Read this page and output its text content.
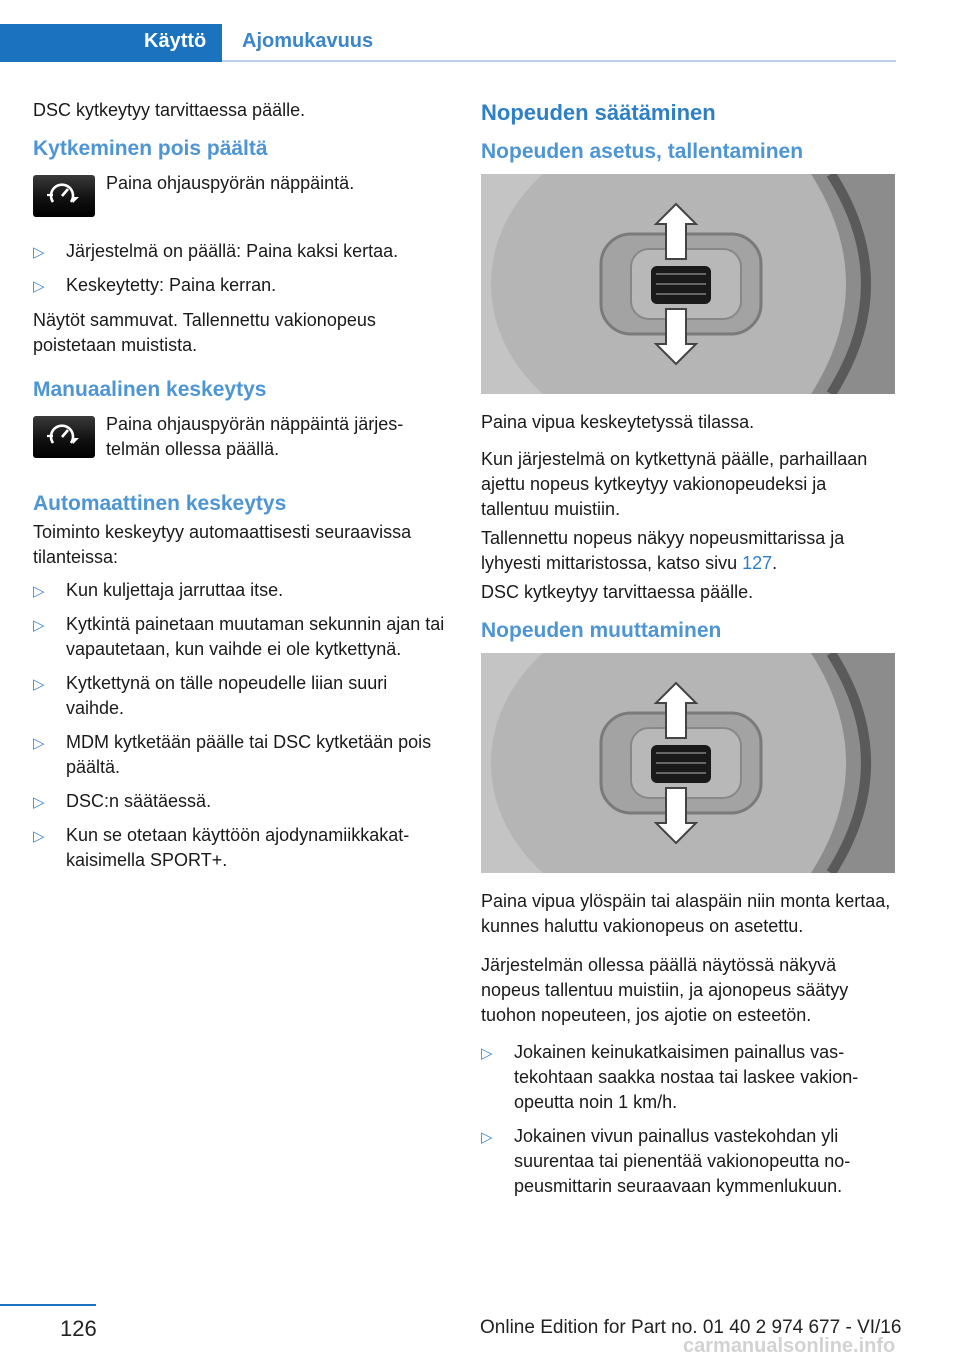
Käyttö	Ajomukavuus

DSC kytkeytyy tarvittaessa päälle.

Kytkeminen pois päältä
Paina ohjauspyörän näppäintä.
▷ Järjestelmä on päällä: Paina kaksi kertaa.
▷ Keskeytetty: Paina kerran.

Näytöt sammuvat. Tallennettu vakionopeus poistetaan muistista.

Manuaalinen keskeytys
Paina ohjauspyörän näppäintä järjestelmän ollessa päällä.
Automaattinen keskeytys

Toiminto keskeytyy automaattisesti seuraavissa tilanteissa:

▷ Kun kuljettaja jarruttaa itse.
▷ Kytkintä painetaan muutaman sekunnin ajan tai vapautetaan, kun vaihde ei ole kytkettynä.
▷ Kytkettynä on tälle nopeudelle liian suuri vaihde.
▷ MDM kytketään päälle tai DSC kytketään pois päältä.
▷ DSC:n säätäessä.
▷ Kun se otetaan käyttöön ajodynamiikkakatkaisimella SPORT+.
Nopeuden säätäminen
Nopeuden asetus, tallentaminen

Paina vipua keskeytetyssä tilassa.

Kun järjestelmä on kytkettynä päälle, parhaillaan ajettu nopeus kytkeytyy vakionopeudeksi ja tallentuu muistiin.

Tallennettu nopeus näkyy nopeusmittarissa ja lyhyesti mittaristossa, katso sivu 127.

DSC kytkeytyy tarvittaessa päälle.

Nopeuden muuttaminen

Paina vipua ylöspäin tai alaspäin niin monta kertaa, kunnes haluttu vakionopeus on asetettu.

Järjestelmän ollessa päällä näytössä näkyvä nopeus tallentuu muistiin, ja ajonopeus säätyy tuohon nopeuteen, jos ajotie on esteetön.

▷ Jokainen keinukatkaisimen painallus vastekohtaan saakka nostaa tai laskee vakionopeutta noin 1 km/h.
▷ Jokainen vivun painallus vastekohdan yli suurentaa tai pienentää vakionopeutta nopeusmittarin seuraavaan kymmenlukuun.
126	Online Edition for Part no. 01 40 2 974 677 - VI/16
carmanualsonline.info
